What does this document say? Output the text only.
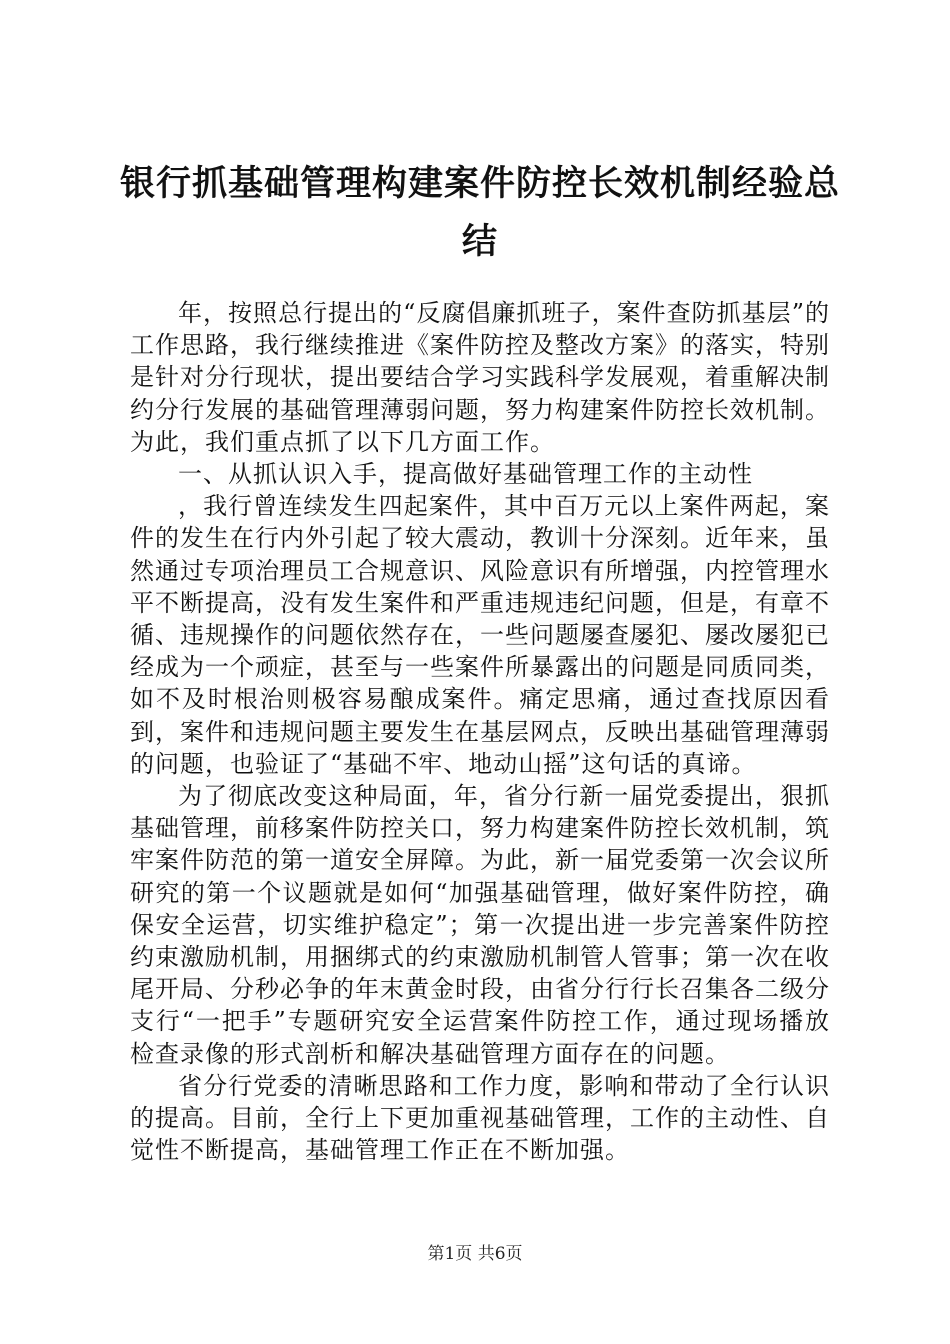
银行抓基础管理构建案件防控长效机制经验总结

年，按照总行提出的“反腐倡廉抓班子，案件查防抓基层”的工作思路，我行继续推进《案件防控及整改方案》的落实，特别是针对分行现状，提出要结合学习实践科学发展观，着重解决制约分行发展的基础管理薄弱问题，努力构建案件防控长效机制。为此，我们重点抓了以下几方面工作。

一、从抓认识入手，提高做好基础管理工作的主动性

，我行曾连续发生四起案件，其中百万元以上案件两起，案件的发生在行内外引起了较大震动，教训十分深刻。近年来，虽然通过专项治理员工合规意识、风险意识有所增强，内控管理水平不断提高，没有发生案件和严重违规违纪问题，但是，有章不循、违规操作的问题依然存在，一些问题屡查屡犯、屡改屡犯已经成为一个顽症，甚至与一些案件所暴露出的问题是同质同类，如不及时根治则极容易酿成案件。痛定思痛，通过查找原因看到，案件和违规问题主要发生在基层网点，反映出基础管理薄弱的问题，也验证了“基础不牢、地动山摇”这句话的真谛。

为了彻底改变这种局面，年，省分行新一届党委提出，狠抓基础管理，前移案件防控关口，努力构建案件防控长效机制，筑牢案件防范的第一道安全屏障。为此，新一届党委第一次会议所研究的第一个议题就是如何“加强基础管理，做好案件防控，确保安全运营，切实维护稳定”；第一次提出进一步完善案件防控约束激励机制，用捆绑式的约束激励机制管人管事；第一次在收尾开局、分秒必争的年末黄金时段，由省分行行长召集各二级分支行“一把手”专题研究安全运营案件防控工作，通过现场播放检查录像的形式剖析和解决基础管理方面存在的问题。

省分行党委的清晰思路和工作力度，影响和带动了全行认识的提高。目前，全行上下更加重视基础管理，工作的主动性、自觉性不断提高，基础管理工作正在不断加强。

第1页 共6页
